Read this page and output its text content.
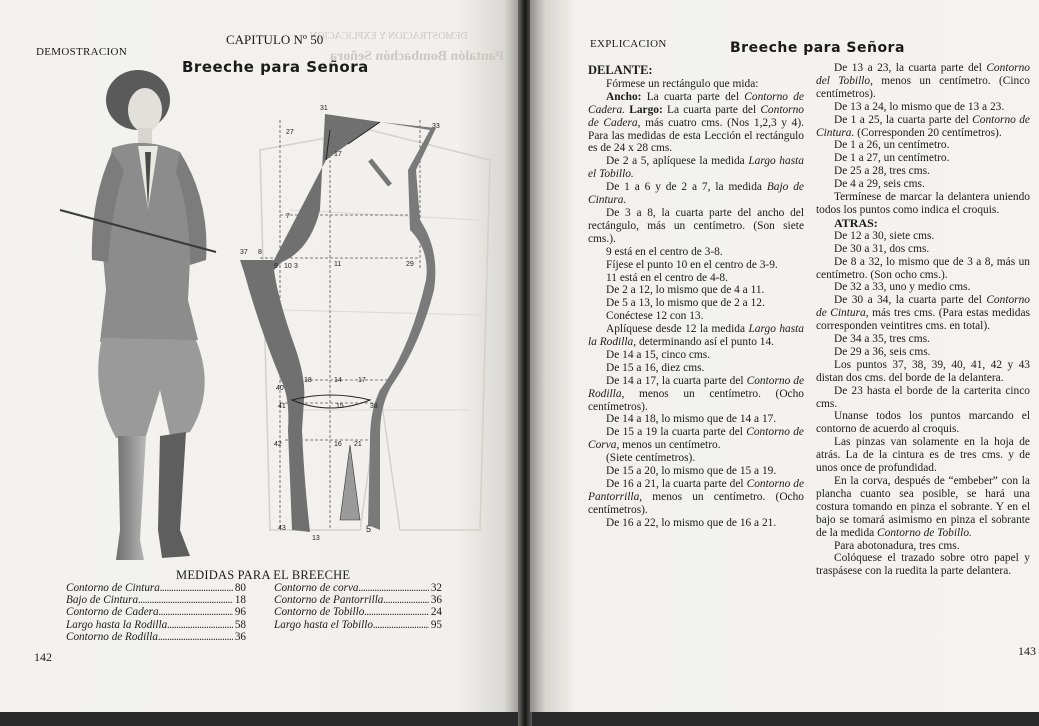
DEMOSTRACION Y EXPLICACION
Pantalón Bombachón Señora

DEMOSTRACION

CAPITULO Nº 50

Breeche para Señora

31
27
33
17
7
37 8
9 10 3	11	29
18	14 17
40
41	15	38
42	16 21
43
13
5

MEDIDAS PARA EL BREECHE

Contorno de Cintura .....	80
Bajo de Cintura .....	18
Contorno de Cadera .....	96
Largo hasta la Rodilla .....	58
Contorno de Rodilla .....	36
Contorno de corva .....	32
Contorno de Pantorrilla .....	36
Contorno de Tobillo .....	24
Largo hasta el Tobillo .....	95

142

EXPLICACION	Breeche para Señora

DELANTE:

Fórmese un rectángulo que mida:

Ancho: La cuarta parte del Contorno de Cadera. Largo: La cuarta parte del Contorno de Cadera, más cuatro cms. (Nos 1,2,3 y 4). Para las medidas de esta Lección el rectángulo es de 24 x 28 cms.

De 2 a 5, aplíquese la medida Largo hasta el Tobillo.

De 1 a 6 y de 2 a 7, la medida Bajo de Cintura.

De 3 a 8, la cuarta parte del ancho del rectángulo, más un centímetro. (Son siete cms.).

9 está en el centro de 3-8.

Fíjese el punto 10 en el centro de 3-9.

11 está en el centro de 4-8.

De 2 a 12, lo mismo que de 4 a 11.

De 5 a 13, lo mismo que de 2 a 12.

Conéctese 12 con 13.

Aplíquese desde 12 la medida Largo hasta la Rodilla, determinando así el punto 14.

De 14 a 15, cinco cms.

De 15 a 16, diez cms.

De 14 a 17, la cuarta parte del Contorno de Rodilla, menos un centímetro. (Ocho centímetros).

De 14 a 18, lo mismo que de 14 a 17.

De 15 a 19 la cuarta parte del Contorno de Corva, menos un centímetro.

(Siete centímetros).

De 15 a 20, lo mismo que de 15 a 19.

De 16 a 21, la cuarta parte del Contorno de Pantorrilla, menos un centímetro. (Ocho centímetros).

De 16 a 22, lo mismo que de 16 a 21.

De 13 a 23, la cuarta parte del Contorno del Tobillo, menos un centímetro. (Cinco centímetros).

De 13 a 24, lo mismo que de 13 a 23.

De 1 a 25, la cuarta parte del Contorno de Cintura. (Corresponden 20 centímetros).

De 1 a 26, un centímetro.

De 1 a 27, un centímetro.

De 25 a 28, tres cms.

De 4 a 29, seis cms.

Termínese de marcar la delantera uniendo todos los puntos como indica el croquis.

ATRAS:

De 12 a 30, siete cms.

De 30 a 31, dos cms.

De 8 a 32, lo mismo que de 3 a 8, más un centímetro. (Son ocho cms.).

De 32 a 33, uno y medio cms.

De 30 a 34, la cuarta parte del Contorno de Cintura, más tres cms. (Para estas medidas corresponden veintitres cms. en total).

De 34 a 35, tres cms.

De 29 a 36, seis cms.

Los puntos 37, 38, 39, 40, 41, 42 y 43 distan dos cms. del borde de la delantera.

De 23 hasta el borde de la carterita cinco cms.

Unanse todos los puntos marcando el contorno de acuerdo al croquis.

Las pinzas van solamente en la hoja de atrás. La de la cintura es de tres cms. y de unos once de profundidad.

En la corva, después de “embeber” con la plancha cuanto sea posible, se hará una costura tomando en pinza el sobrante. Y en el bajo se tomará asimismo en pinza el sobrante de la medida Contorno de Tobillo.

Para abotonadura, tres cms.

Colóquese el trazado sobre otro papel y traspásese con la ruedita la parte delantera.

143
